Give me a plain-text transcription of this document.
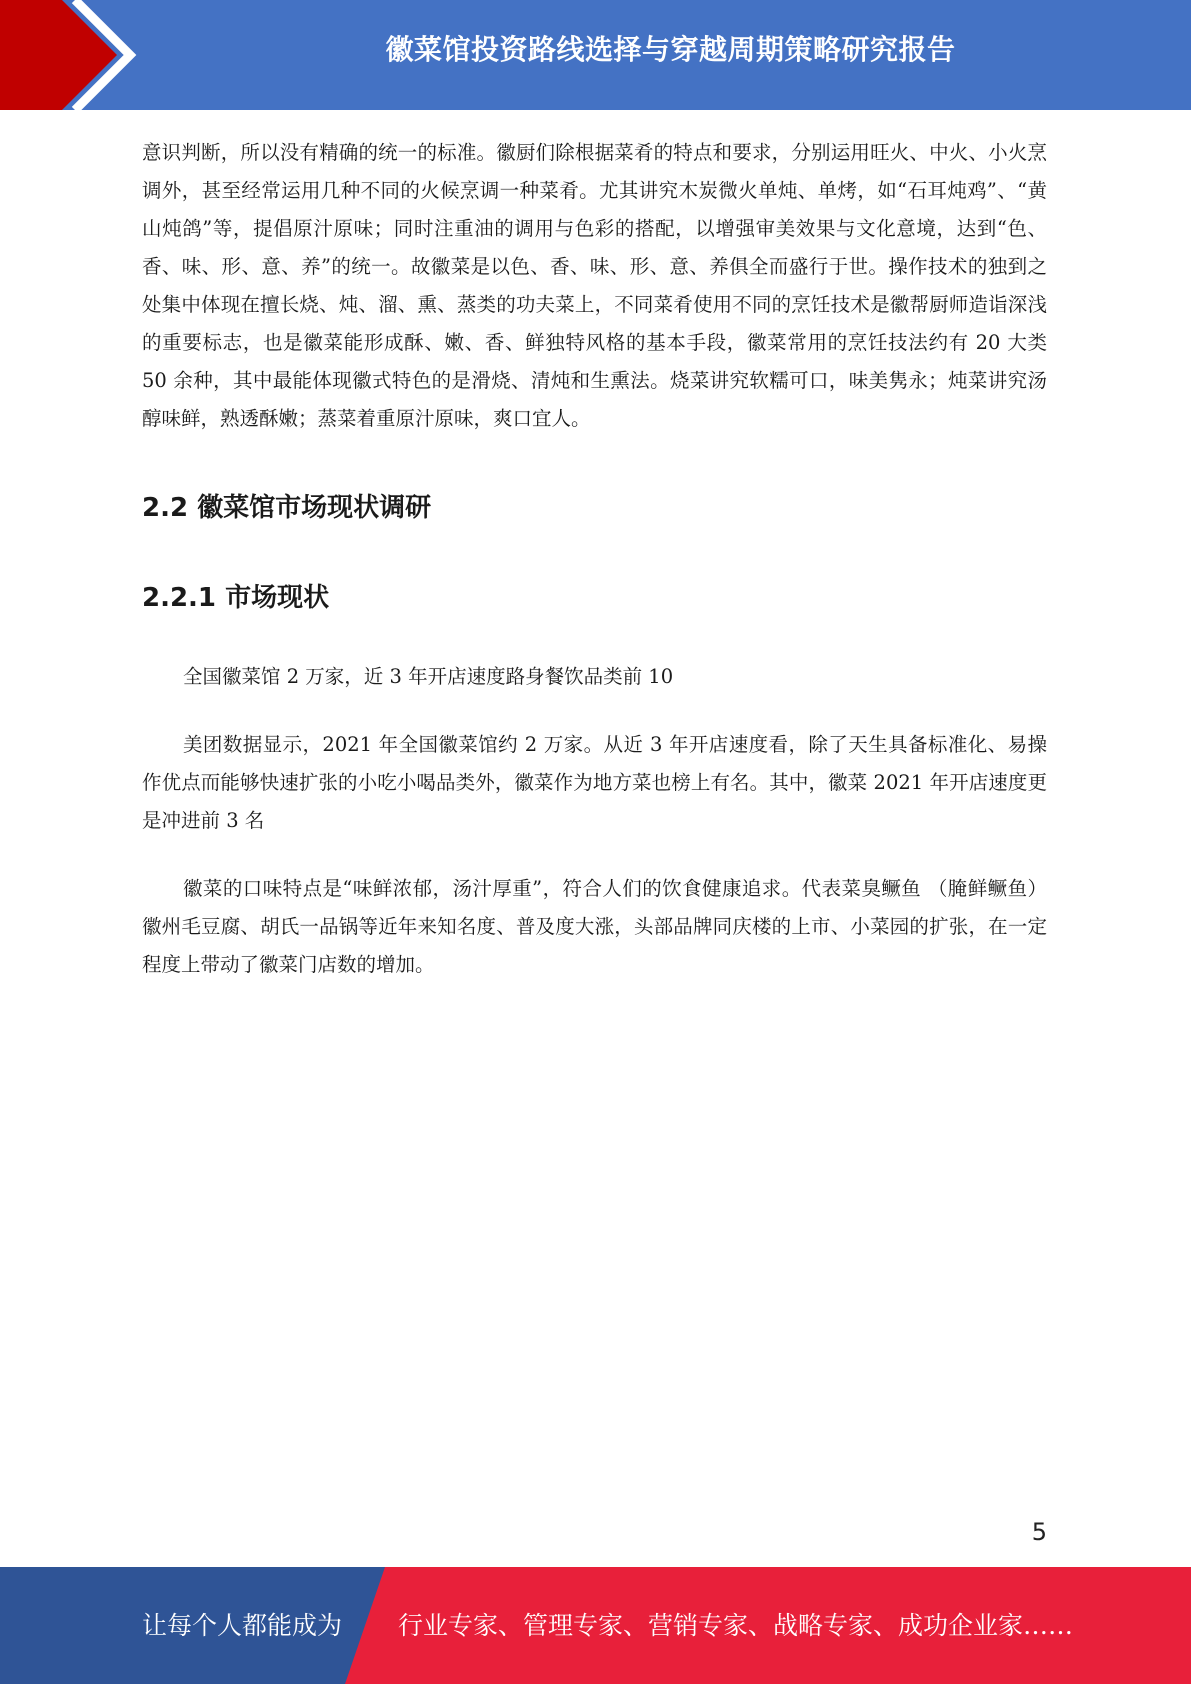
徽菜馆投资路线选择与穿越周期策略研究报告

意识判断，所以没有精确的统一的标准。徽厨们除根据菜肴的特点和要求，分别运用旺火、中火、小火烹调外，甚至经常运用几种不同的火候烹调一种菜肴。尤其讲究木炭微火单炖、单烤，如“石耳炖鸡”、“黄山炖鸽”等，提倡原汁原味；同时注重油的调用与色彩的搭配，以增强审美效果与文化意境，达到“色、香、味、形、意、养”的统一。故徽菜是以色、香、味、形、意、养俱全而盛行于世。操作技术的独到之处集中体现在擅长烧、炖、溜、熏、蒸类的功夫菜上，不同菜肴使用不同的烹饪技术是徽帮厨师造诣深浅的重要标志，也是徽菜能形成酥、嫩、香、鲜独特风格的基本手段，徽菜常用的烹饪技法约有 20 大类 50 余种，其中最能体现徽式特色的是滑烧、清炖和生熏法。烧菜讲究软糯可口，味美隽永；炖菜讲究汤醇味鲜，熟透酥嫩；蒸菜着重原汁原味，爽口宜人。

2.2 徽菜馆市场现状调研
2.2.1 市场现状

全国徽菜馆 2 万家，近 3 年开店速度路身餐饮品类前 10

美团数据显示，2021 年全国徽菜馆约 2 万家。从近 3 年开店速度看，除了天生具备标准化、易操作优点而能够快速扩张的小吃小喝品类外，徽菜作为地方菜也榜上有名。其中，徽菜 2021 年开店速度更是冲进前 3 名

徽菜的口味特点是“味鲜浓郁，汤汁厚重”，符合人们的饮食健康追求。代表菜臭鳜鱼 （腌鲜鳜鱼）徽州毛豆腐、胡氏一品锅等近年来知名度、普及度大涨，头部品牌同庆楼的上市、小菜园的扩张，在一定程度上带动了徽菜门店数的增加。

5
让每个人都能成为 行业专家、管理专家、营销专家、战略专家、成功企业家……
